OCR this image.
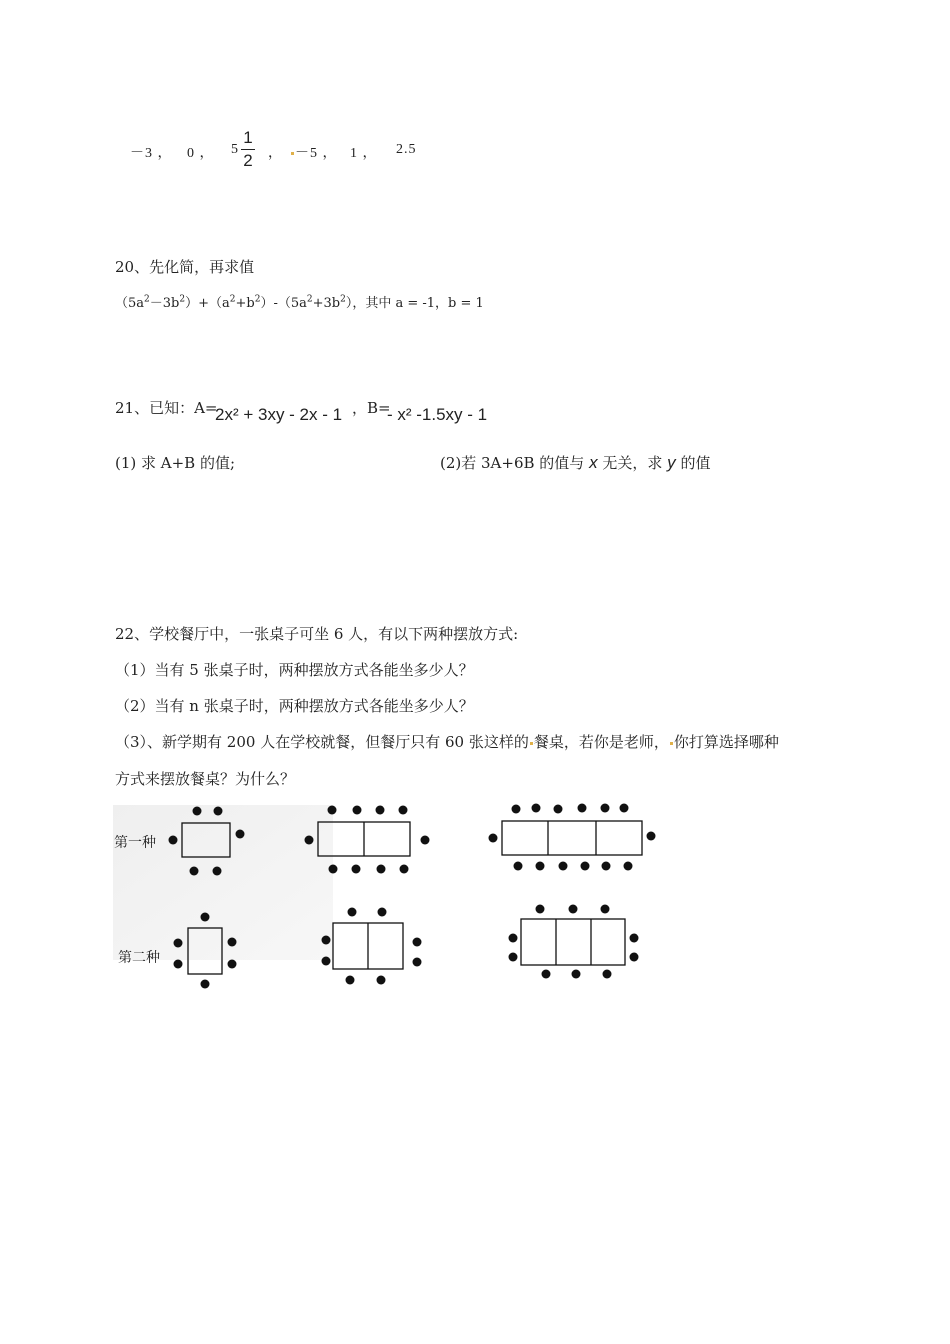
－3 ， 0 ， 5
1
2 ， －5 ， 1 ， 2.5
20、先化简，再求值
$(5a^2-3b^2)+(a^2+b^2)-(5a^2+3b^2)$，其中 a = -1，b = 1
21、已知：A=
2x² + 3xy - 2x - 1 ，B=
- x² -1.5xy - 1
(1) 求 A+B 的值;	(2)若 3A+6B 的值与 x 无关，求 y 的值
22、学校餐厅中，一张桌子可坐 6 人，有以下两种摆放方式:
（1）当有 5 张桌子时，两种摆放方式各能坐多少人？
（2）当有 n 张桌子时，两种摆放方式各能坐多少人？
（3）、新学期有 200 人在学校就餐，但餐厅只有 60 张这样的 餐桌，若你是老师， 你打算选择哪种
方式来摆放餐桌？为什么？
第一种
第二种
